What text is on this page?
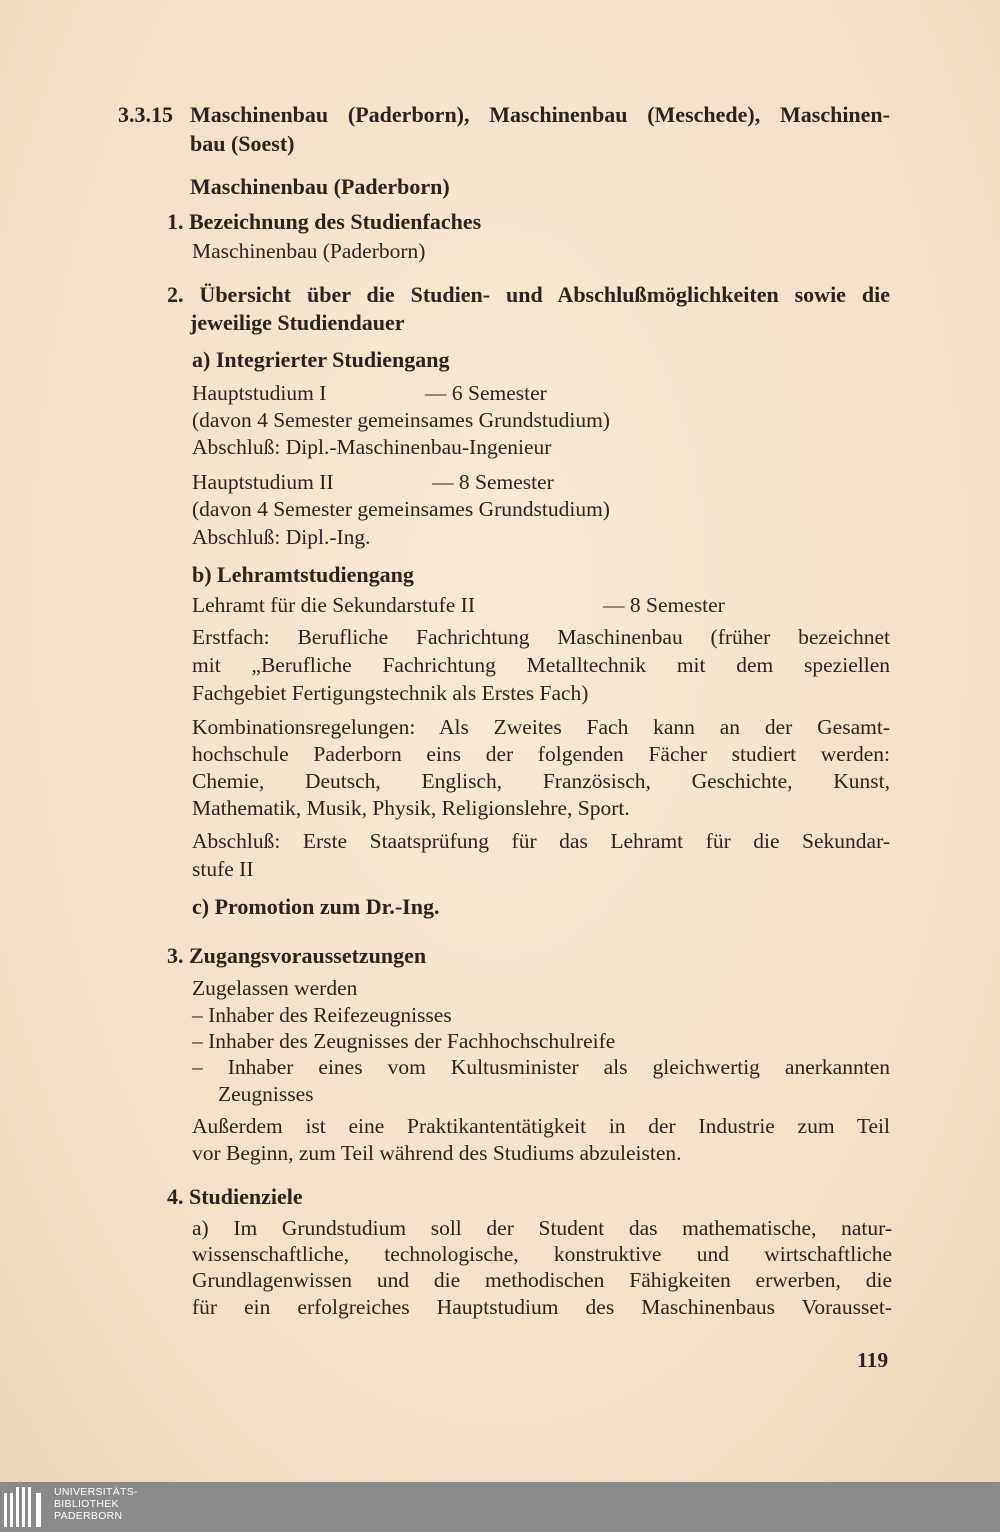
3.3.15 Maschinenbau (Paderborn), Maschinenbau (Meschede), Maschinen-
bau (Soest)
Maschinenbau (Paderborn)
1. Bezeichnung des Studienfaches
Maschinenbau (Paderborn)
2. Übersicht über die Studien- und Abschlußmöglichkeiten sowie die
jeweilige Studiendauer
a) Integrierter Studiengang
Hauptstudium I	— 6 Semester
(davon 4 Semester gemeinsames Grundstudium)
Abschluß: Dipl.-Maschinenbau-Ingenieur
Hauptstudium II	— 8 Semester
(davon 4 Semester gemeinsames Grundstudium)
Abschluß: Dipl.-Ing.
b) Lehramtstudiengang
Lehramt für die Sekundarstufe II	— 8 Semester
Erstfach: Berufliche Fachrichtung Maschinenbau (früher bezeichnet
mit „Berufliche Fachrichtung Metalltechnik mit dem speziellen
Fachgebiet Fertigungstechnik als Erstes Fach)
Kombinationsregelungen: Als Zweites Fach kann an der Gesamt-
hochschule Paderborn eins der folgenden Fächer studiert werden:
Chemie, Deutsch, Englisch, Französisch, Geschichte, Kunst,
Mathematik, Musik, Physik, Religionslehre, Sport.
Abschluß: Erste Staatsprüfung für das Lehramt für die Sekundar-
stufe II
c) Promotion zum Dr.-Ing.
3. Zugangsvoraussetzungen
Zugelassen werden
– Inhaber des Reifezeugnisses
– Inhaber des Zeugnisses der Fachhochschulreife
– Inhaber eines vom Kultusminister als gleichwertig anerkannten
Zeugnisses
Außerdem ist eine Praktikantentätigkeit in der Industrie zum Teil
vor Beginn, zum Teil während des Studiums abzuleisten.
4. Studienziele
a) Im Grundstudium soll der Student das mathematische, natur-
wissenschaftliche, technologische, konstruktive und wirtschaftliche
Grundlagenwissen und die methodischen Fähigkeiten erwerben, die
für ein erfolgreiches Hauptstudium des Maschinenbaus Vorausset-
119
UNIVERSITÄTS-
BIBLIOTHEK
PADERBORN
